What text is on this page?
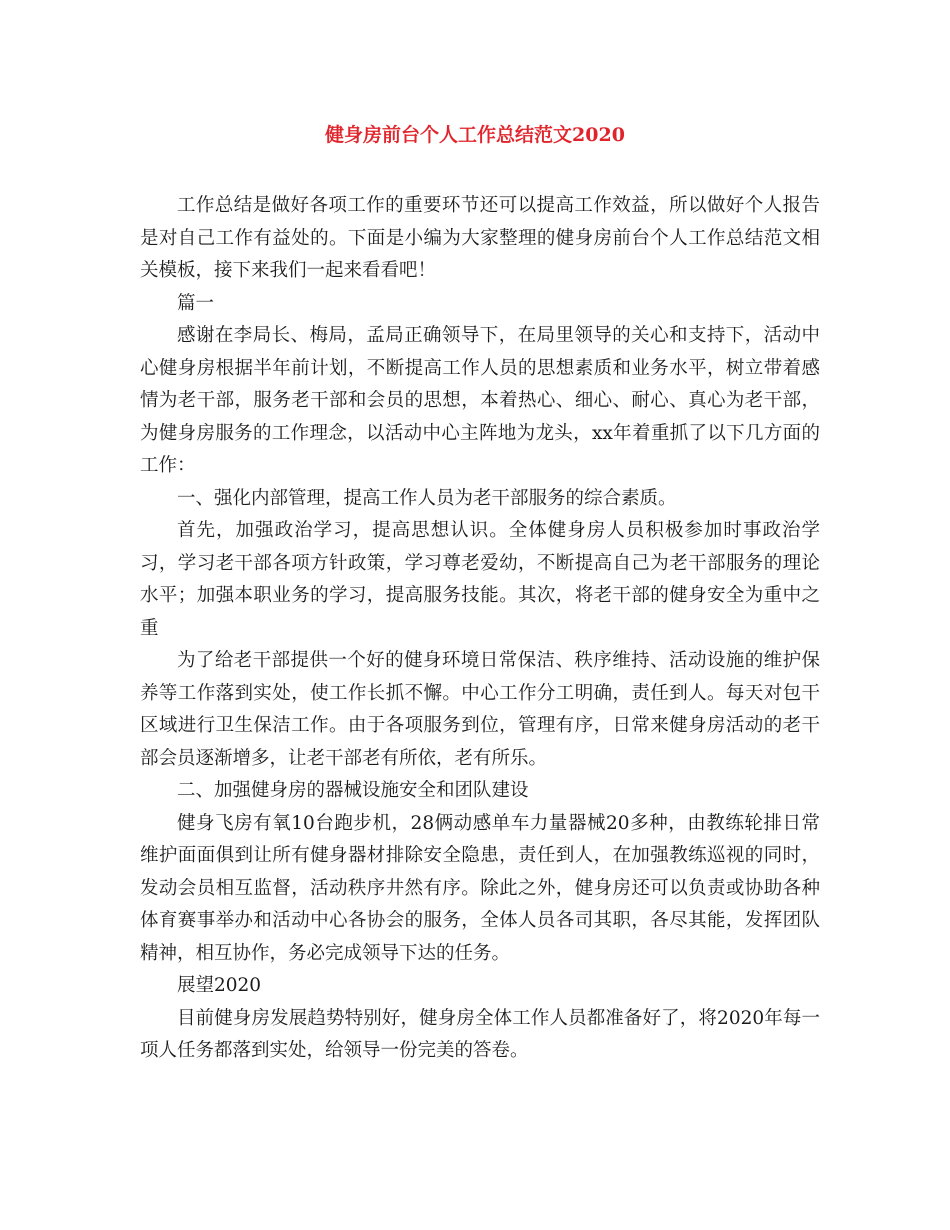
健身房前台个人工作总结范文2020

工作总结是做好各项工作的重要环节还可以提高工作效益，所以做好个人报告是对自己工作有益处的。下面是小编为大家整理的健身房前台个人工作总结范文相关模板，接下来我们一起来看看吧！

篇一

感谢在李局长、梅局，孟局正确领导下，在局里领导的关心和支持下，活动中心健身房根据半年前计划，不断提高工作人员的思想素质和业务水平，树立带着感情为老干部，服务老干部和会员的思想，本着热心、细心、耐心、真心为老干部，为健身房服务的工作理念，以活动中心主阵地为龙头，xx年着重抓了以下几方面的工作：

一、强化内部管理，提高工作人员为老干部服务的综合素质。

首先，加强政治学习，提高思想认识。全体健身房人员积极参加时事政治学习，学习老干部各项方针政策，学习尊老爱幼，不断提高自己为老干部服务的理论水平；加强本职业务的学习，提高服务技能。其次，将老干部的健身安全为重中之重

为了给老干部提供一个好的健身环境日常保洁、秩序维持、活动设施的维护保养等工作落到实处，使工作长抓不懈。中心工作分工明确，责任到人。每天对包干区域进行卫生保洁工作。由于各项服务到位，管理有序，日常来健身房活动的老干部会员逐渐增多，让老干部老有所依，老有所乐。

二、加强健身房的器械设施安全和团队建设

健身飞房有氧10台跑步机，28俩动感单车力量器械20多种，由教练轮排日常维护面面俱到让所有健身器材排除安全隐患，责任到人，在加强教练巡视的同时，发动会员相互监督，活动秩序井然有序。除此之外，健身房还可以负责或协助各种体育赛事举办和活动中心各协会的服务，全体人员各司其职，各尽其能，发挥团队精神，相互协作，务必完成领导下达的任务。

展望2020

目前健身房发展趋势特别好，健身房全体工作人员都准备好了，将2020年每一项人任务都落到实处，给领导一份完美的答卷。
